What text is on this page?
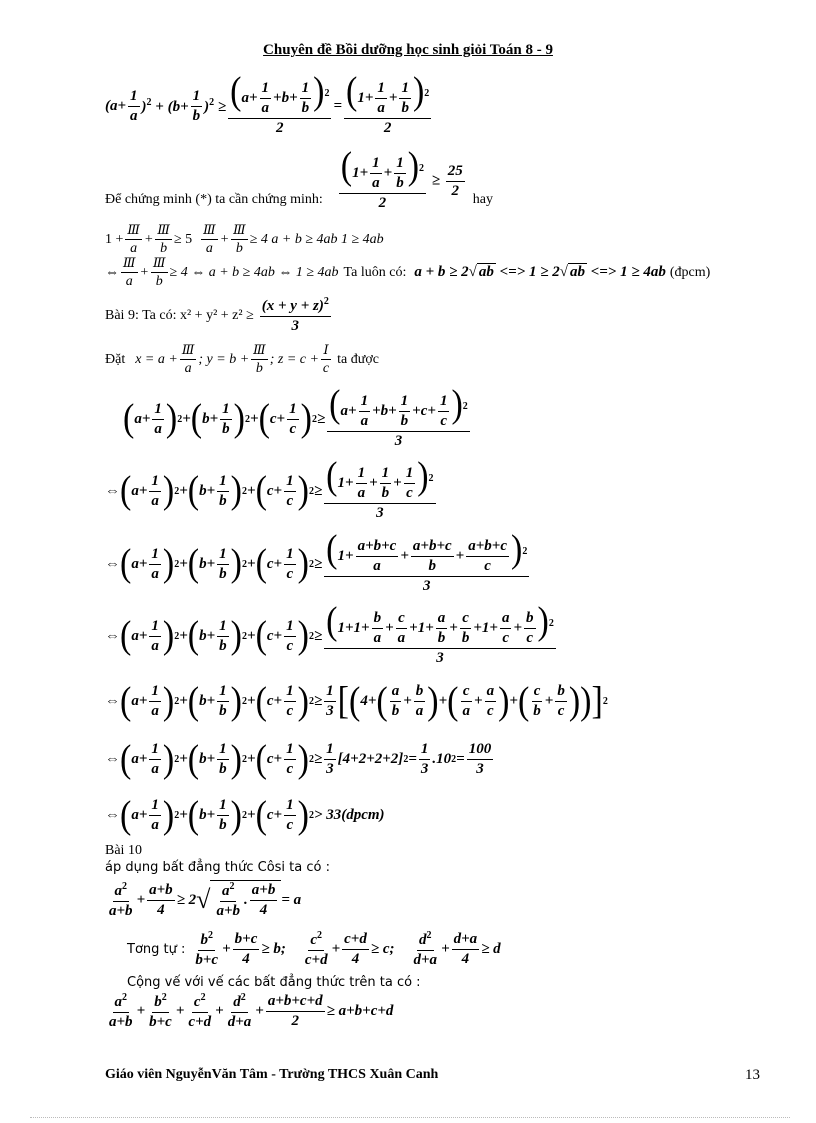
Chuyên đề Bồi dưỡng học sinh giỏi Toán 8 - 9
$(a+ \frac{1}{a} )^2 + (b+ \frac{1}{b} )^2 \ge \frac{(a+ \frac{1}{a} +b+ \frac{1}{b} )^2}{2} = \frac{(1+ \frac{1}{a} + \frac{1}{b} )^2}{2}$
Để chứng minh (*) ta cần chứng minh: $\frac{(1+ \frac{1}{a} + \frac{1}{b} )^2}{2} \ge \frac{25}{2}$ hay
$1 + \frac{\text{Ⅲ}}{a} + \frac{\text{Ⅲ}}{b} \ge 5 \frac{\text{Ⅲ}}{a} + \frac{\text{Ⅲ}}{b} \ge 4$ a + b ≥ 4ab 1 ≥ 4ab
⇔ $\frac{\text{Ⅲ}}{a} + \frac{\text{Ⅲ}}{b} \ge 4$ ⇔ a + b ≥ 4ab ⇔ 1 ≥ 4ab Ta luôn có: a + b ≥ 2√ ab <=> 1 ≥ 2√ ab <=> 1 ≥ 4ab (đpcm)
Bài 9: Ta có: $x^2 + y^2 + z^2 \ge \frac{(x + y + z)^2}{3}$
Đặt $x = a + \frac{\text{Ⅲ}}{a}$ ; $y = b + \frac{\text{Ⅲ}}{b}$ ; $z = c + \frac{\text{Ⅰ}}{c}$ ta được
( $a+ \frac{1}{a}$ ) 2 + ( $b+ \frac{1}{b}$ ) 2 + ( $c+ \frac{1}{c}$ ) $2 \ge \frac{(a+ \frac{1}{a} +b+ \frac{1}{b} +c+ \frac{1}{c} )^2}{3}$
⇔ ( $a+ \frac{1}{a}$ ) 2 + ( $b+ \frac{1}{b}$ ) 2 + ( $c+ \frac{1}{c}$ ) $2 \ge \frac{(1+ \frac{1}{a} + \frac{1}{b} + \frac{1}{c} )^2}{3}$
⇔ ( $a+ \frac{1}{a}$ ) 2 + ( $b+ \frac{1}{b}$ ) 2 + ( $c+ \frac{1}{c}$ ) $2 \ge \frac{(1+ \frac{a+b+c}{a} + \frac{a+b+c}{b} + \frac{a+b+c}{c} )^2}{3}$
⇔ ( $a+ \frac{1}{a}$ ) 2 + ( $b+ \frac{1}{b}$ ) 2 + ( $c+ \frac{1}{c}$ ) $2 \ge \frac{(1+1+ \frac{b}{a} + \frac{c}{a} +1+ \frac{a}{b} + \frac{c}{b} +1+ \frac{a}{c} + \frac{b}{c} )^2}{3}$
⇔ ( $a+ \frac{1}{a}$ ) 2 + ( $b+ \frac{1}{b}$ ) 2 + ( $c+ \frac{1}{c}$ ) $2 \ge \frac{1}{3}$ [ ( 4+ ( $\frac{a}{b} + \frac{b}{a}$ ) + ( $\frac{c}{a} + \frac{a}{c}$ ) + ( $\frac{c}{b} + \frac{b}{c}$ ) ) ] 2
⇔ ( $a+ \frac{1}{a}$ ) 2 + ( $b+ \frac{1}{b}$ ) 2 + ( $c+ \frac{1}{c}$ ) $2 \ge \frac{1}{3} [4+2+2+2] 2 = \frac{1}{3} .10$ $2 = \frac{100}{3}$
⇔ ( $a+ \frac{1}{a}$ ) 2 + ( $b+ \frac{1}{b}$ ) 2 + ( $c+ \frac{1}{c}$ ) 2 > 33(dpcm)
Bài 10
áp dụng bất đẳng thức Côsi ta có :
$\frac{a^2}{a+b} + \frac{a+b}{4} \ge 2$ √ $\frac{a^2}{a+b}$ . $\frac{a+b}{4} = a$
Tơng tự : $\frac{b^2}{b+c} + \frac{b+c}{4} \ge b$; $\frac{c^2}{c+d} + \frac{c+d}{4} \ge c$; $\frac{d^2}{d+a} + \frac{d+a}{4} \ge d$
Cộng vế với vế các bất đẳng thức trên ta có :
$\frac{a^2}{a+b} + \frac{b^2}{b+c} + \frac{c^2}{c+d} + \frac{d^2}{d+a} + \frac{a+b+c+d}{2} \ge a+b+c+d$
Giáo viên NguyễnVăn Tâm - Trường THCS Xuân Canh	13
